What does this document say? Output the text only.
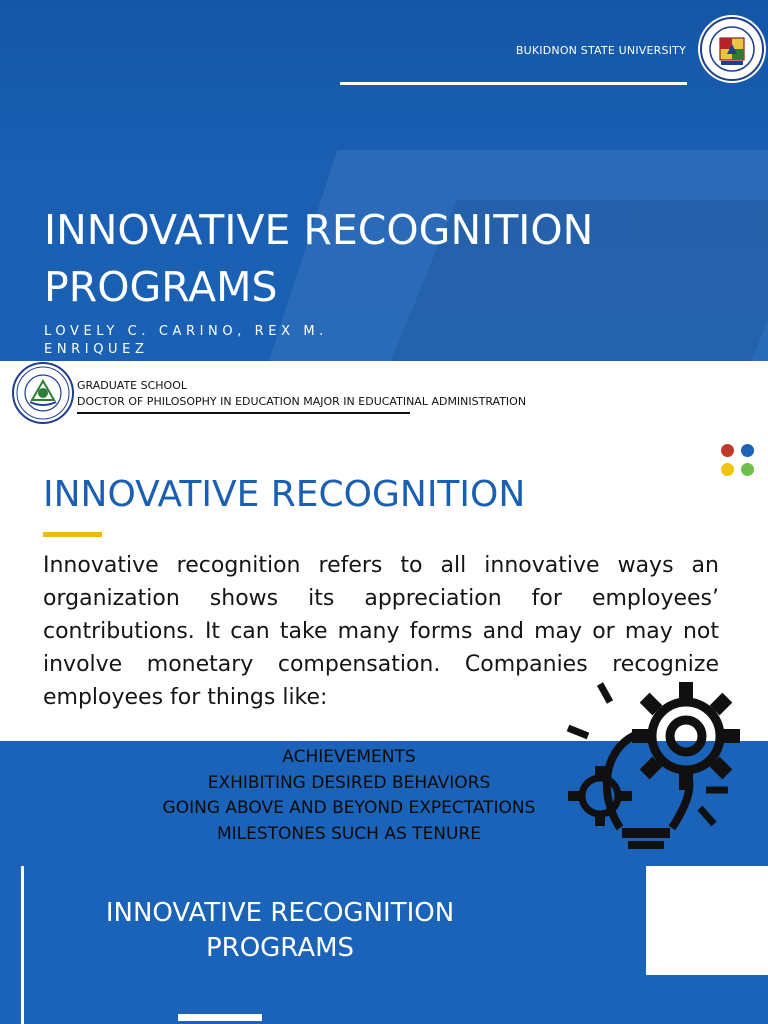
BUKIDNON STATE UNIVERSITY
INNOVATIVE RECOGNITION PROGRAMS
LOVELY C. CARINO, REX M. ENRIQUEZ
GRADUATE SCHOOL
DOCTOR OF PHILOSOPHY IN EDUCATION MAJOR IN EDUCATINAL ADMINISTRATION
INNOVATIVE RECOGNITION
Innovative recognition refers to all innovative ways an organization shows its appreciation for employees’ contributions. It can take many forms and may or may not involve monetary compensation. Companies recognize employees for things like:
ACHIEVEMENTS
EXHIBITING DESIRED BEHAVIORS
GOING ABOVE AND BEYOND EXPECTATIONS
MILESTONES SUCH AS TENURE
INNOVATIVE RECOGNITION PROGRAMS
